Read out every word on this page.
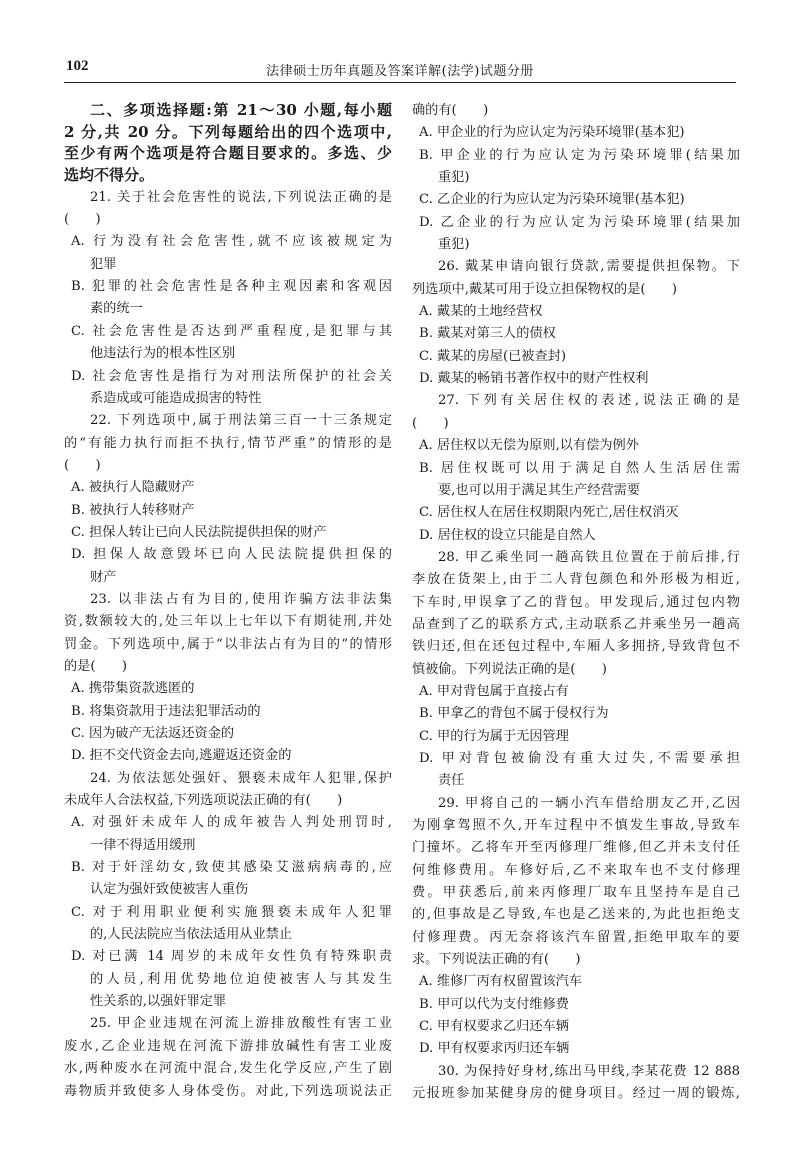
102	法律硕士历年真题及答案详解(法学)试题分册
二、多项选择题:第 21～30 小题,每小题
2 分,共 20 分。下列每题给出的四个选项中,
至少有两个选项是符合题目要求的。多选、少
选均不得分。
21. 关于社会危害性的说法,下列说法正确的是
(　　)
A. 行为没有社会危害性,就不应该被规定为
犯罪
B. 犯罪的社会危害性是各种主观因素和客观因
素的统一
C. 社会危害性是否达到严重程度,是犯罪与其
他违法行为的根本性区别
D. 社会危害性是指行为对刑法所保护的社会关
系造成或可能造成损害的特性
22. 下列选项中,属于刑法第三百一十三条规定
的“有能力执行而拒不执行,情节严重”的情形的是
(　　)
A. 被执行人隐藏财产
B. 被执行人转移财产
C. 担保人转让已向人民法院提供担保的财产
D. 担保人故意毁坏已向人民法院提供担保的
财产
23. 以非法占有为目的,使用诈骗方法非法集
资,数额较大的,处三年以上七年以下有期徒刑,并处
罚金。下列选项中,属于“以非法占有为目的”的情形
的是(　　)
A. 携带集资款逃匿的
B. 将集资款用于违法犯罪活动的
C. 因为破产无法返还资金的
D. 拒不交代资金去向,逃避返还资金的
24. 为依法惩处强奸、猥亵未成年人犯罪,保护
未成年人合法权益,下列选项说法正确的有(　　)
A. 对强奸未成年人的成年被告人判处刑罚时,
一律不得适用缓刑
B. 对于奸淫幼女,致使其感染艾滋病病毒的,应
认定为强奸致使被害人重伤
C. 对于利用职业便利实施猥亵未成年人犯罪
的,人民法院应当依法适用从业禁止
D. 对已满 14 周岁的未成年女性负有特殊职责
的人员,利用优势地位迫使被害人与其发生
性关系的,以强奸罪定罪
25. 甲企业违规在河流上游排放酸性有害工业
废水,乙企业违规在河流下游排放碱性有害工业废
水,两种废水在河流中混合,发生化学反应,产生了剧
毒物质并致使多人身体受伤。对此,下列选项说法正
确的有(　　)
A. 甲企业的行为应认定为污染环境罪(基本犯)
B. 甲企业的行为应认定为污染环境罪(结果加
重犯)
C. 乙企业的行为应认定为污染环境罪(基本犯)
D. 乙企业的行为应认定为污染环境罪(结果加
重犯)
26. 戴某申请向银行贷款,需要提供担保物。下
列选项中,戴某可用于设立担保物权的是(　　)
A. 戴某的土地经营权
B. 戴某对第三人的债权
C. 戴某的房屋(已被查封)
D. 戴某的畅销书著作权中的财产性权利
27. 下列有关居住权的表述,说法正确的是
(　　)
A. 居住权以无偿为原则,以有偿为例外
B. 居住权既可以用于满足自然人生活居住需
要,也可以用于满足其生产经营需要
C. 居住权人在居住权期限内死亡,居住权消灭
D. 居住权的设立只能是自然人
28. 甲乙乘坐同一趟高铁且位置在于前后排,行
李放在货架上,由于二人背包颜色和外形极为相近,
下车时,甲误拿了乙的背包。甲发现后,通过包内物
品查到了乙的联系方式,主动联系乙并乘坐另一趟高
铁归还,但在还包过程中,车厢人多拥挤,导致背包不
慎被偷。下列说法正确的是(　　)
A. 甲对背包属于直接占有
B. 甲拿乙的背包不属于侵权行为
C. 甲的行为属于无因管理
D. 甲对背包被偷没有重大过失,不需要承担
责任
29. 甲将自己的一辆小汽车借给朋友乙开,乙因
为刚拿驾照不久,开车过程中不慎发生事故,导致车
门撞坏。乙将车开至丙修理厂维修,但乙并未支付任
何维修费用。车修好后,乙不来取车也不支付修理
费。甲获悉后,前来丙修理厂取车且坚持车是自己
的,但事故是乙导致,车也是乙送来的,为此也拒绝支
付修理费。丙无奈将该汽车留置,拒绝甲取车的要
求。下列说法正确的有(　　)
A. 维修厂丙有权留置该汽车
B. 甲可以代为支付维修费
C. 甲有权要求乙归还车辆
D. 甲有权要求丙归还车辆
30. 为保持好身材,练出马甲线,李某花费 12 888
元报班参加某健身房的健身项目。经过一周的锻炼,
